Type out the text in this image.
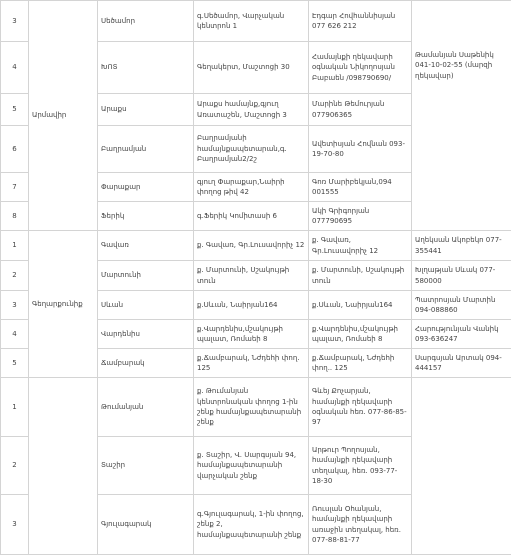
3	Արմավիր	Սեծամոր	գ.Սեծամոր, Վարչական կենտրոն 1	Էդգար Հովհաննիսյան 077 626 212	Թամանյան Սաթենիկ 041-10-02-55 (մարզի ղեկավար)
4		ԽՈՏ	Գեղակերտ, Մաշտոցի 30	Համայնքի ղեկավարի օգնական Նիկողոսյան Բաբաեն /098790690/	
5		Արաքս	Արաքս համայնք,գյուղ Առատաշեն, Մաշտոցի 3	Մարինե Թեմուրյան 077906365	
6		Բաղրամյան	Բաղրամյանի համայնքապետարան,գ. Բաղրամյան2/2շ	Ավետիսյան Հովնան 093-19-70-80	
7		Փարաքար	գյուղ Փարաքար,Նաիրի փողոց թիվ 42	Գոռ Մարիբեկյան,094 001555	
8		Ֆերիկ	գ.Ֆերիկ Կոմիտասի 6	Ակի Գրիգորյան 077790695	
1	Գեղարքունիք	Գավառ	ք. Գավառ, Գր.Լուսավորիչ 12	ք. Գավառ, Գր.Լուսավորիչ 12	Աղեկսան Ակոբեկո 077-355441
2		Մարտունի	ք. Մարտունի, Սշակույթի տուն	ք. Մարտունի, Սշակույթի տուն	Խլղաթյան Սևակ 077-580000
3		Սևան	ք.Սևան, Նաիրյան164	ք.Սևան, Նաիրյան164	Պատրոսյան Մարտին 094-088860
4		Վարդենիս	ք.Վարդենիս,մշակույթի պալատ, Ռոմաեի 8	ք.Վարդենիս,մշակույթի պալատ, Ռոմաեի 8	Հարությունյան Վանիկ 093-636247
5		Ճամբարակ	ք.Ճամբարակ, Նժդեհի փող. 125	ք.Ճամբարակ, Նժդեհի փող.. 125	Սարգսյան Արտակ 094-444157
1		Թումանյան	ք. Թումանյան կենտրոնական փողոց 1-ին շենք համայնքապետարանի շենք	Գևեյ Քոչարյան, համայնքի ղեկավարի օգնական հեռ. 077-86-85-97	
2		Տաշիր	ք. Տաշիր, Վ. Սարգսյան 94, համայնքապետարանի վարչական շենք	Արթուր Պողոսյան, համայնքի ղեկավարի տեղակալ, հեռ. 093-77-18-30	
3		Գյուլագարակ	գ.Գյուլագարակ, 1-ին փողոց, շենք 2, համայնքապետարանի շենք	Ռուսլան Օհանյան, համայնքի ղեկավարի առաջին տեղակալ, հեռ. 077-88-81-77	
